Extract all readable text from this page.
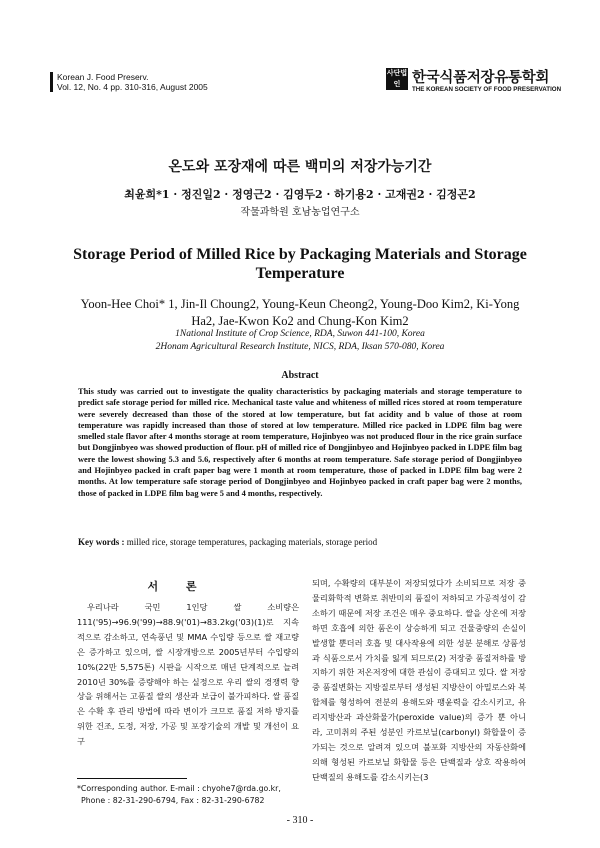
Korean J. Food Preserv.
Vol. 12, No. 4 pp. 310-316, August 2005
사단법인 한국식품저장유통학회
THE KOREAN SOCIETY OF FOOD PRESERVATION
온도와 포장재에 따른 백미의 저장가능기간
최윤희*1 · 정진일2 · 정영근2 · 김영두2 · 하기용2 · 고재권2 · 김정곤2
작물과학원 호남농업연구소
Storage Period of Milled Rice by Packaging Materials and Storage Temperature
Yoon-Hee Choi* 1, Jin-Il Choung2, Young-Keun Cheong2, Young-Doo Kim2, Ki-Yong Ha2, Jae-Kwon Ko2 and Chung-Kon Kim2
1National Institute of Crop Science, RDA, Suwon 441-100, Korea
2Honam Agricultural Research Institute, NICS, RDA, Iksan 570-080, Korea
Abstract
This study was carried out to investigate the quality characteristics by packaging materials and storage temperature to predict safe storage period for milled rice. Mechanical taste value and whiteness of milled rices stored at room temperature were severely decreased than those of the stored at low temperature, but fat acidity and b value of those at room temperature was rapidly increased than those of stored at low temperature. Milled rice packed in LDPE film bag were smelled stale flavor after 4 months storage at room temperature, Hojinbyeo was not produced flour in the rice grain surface but Dongjinbyeo was showed production of flour. pH of milled rice of Dongjinbyeo and Hojinbyeo packed in LDPE film bag were the lowest showing 5.3 and 5.6, respectively after 6 months at room temperature. Safe storage period of Dongjinbyeo and Hojinbyeo packed in craft paper bag were 1 month at room temperature, those of packed in LDPE film bag were 2 months. At low temperature safe storage period of Dongjinbyeo and Hojinbyeo packed in craft paper bag were 2 months, those of packed in LDPE film bag were 5 and 4 months, respectively.
Key words : milled rice, storage temperatures, packaging materials, storage period
서 론
우리나라 국민 1인당 쌀 소비량은 111('95)→96.9('99)→88.9('01)→83.2kg('03)(1)로 지속적으로 감소하고, 연속풍년 및 MMA 수입량 등으로 쌀 재고량은 증가하고 있으며, 쌀 시장개방으로 2005년부터 수입량의 10%(22만 5,575톤) 시판을 시작으로 매년 단계적으로 늘려 2010년 30%를 증량해야 하는 실정으로 우리 쌀의 경쟁력 향상을 위해서는 고품질 쌀의 생산과 보급이 불가피하다. 쌀 품질은 수확 후 관리 방법에 따라 변이가 크므로 품질 저하 방지를 위한 건조, 도정, 저장, 가공 및 포장기술의 개발 및 개선이 요구
되며, 수확량의 대부분이 저장되었다가 소비되므로 저장 중 물리화학적 변화로 취반미의 품질이 저하되고 가공적성이 감소하기 때문에 저장 조건은 매우 중요하다. 쌀을 상온에 저장하면 호흡에 의한 품온이 상승하게 되고 건물중량의 손실이 발생할 뿐더러 호흡 및 대사작용에 의한 성분 분해로 상품성과 식품으로서 가치를 잃게 되므로(2) 저장중 품질저하를 방지하기 위한 저온저장에 대한 관심이 증대되고 있다. 쌀 저장 중 품질변화는 지방질로부터 생성된 지방산이 아밀로스와 복합체를 형성하여 전분의 용해도와 팽윤력을 감소시키고, 유리지방산과 과산화물가(peroxide value)의 증가 뿐 아니라, 고미취의 주된 성분인 카르보닐(carbonyl) 화합물이 증가되는 것으로 알려져 있으며 불포화 지방산의 자동산화에 의해 형성된 카르보닐 화합물 등은 단백질과 상호 작용하여 단백질의 용해도를 감소시키는(3
*Corresponding author. E-mail : chyohe7@rda.go.kr,
Phone : 82-31-290-6794, Fax : 82-31-290-6782
- 310 -
